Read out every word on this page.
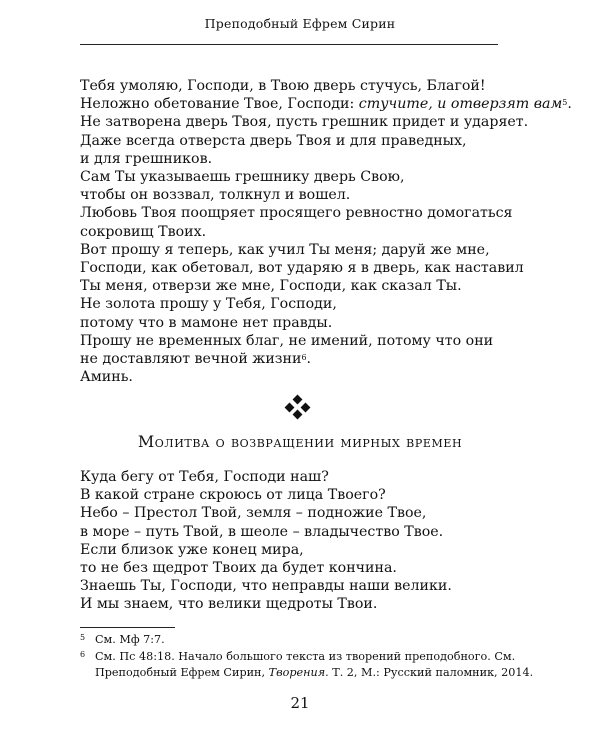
Преподобный Ефрем Сирин
Тебя умоляю, Господи, в Твою дверь стучусь, Благой!
Неложно обетование Твое, Господи: стучите, и отверзят вам$^5$.
Не затворена дверь Твоя, пусть грешник придет и ударяет.
Даже всегда отверста дверь Твоя и для праведных,
и для грешников.
Сам Ты указываешь грешнику дверь Свою,
чтобы он воззвал, толкнул и вошел.
Любовь Твоя поощряет просящего ревностно домогаться
сокровищ Твоих.
Вот прошу я теперь, как учил Ты меня; даруй же мне,
Господи, как обетовал, вот ударяю я в дверь, как наставил
Ты меня, отверзи же мне, Господи, как сказал Ты.
Не золота прошу у Тебя, Господи,
потому что в мамоне нет правды.
Прошу не временных благ, не имений, потому что они
не доставляют вечной жизни$^6$.
Аминь.
Молитва о возвращении мирных времен
Куда бегу от Тебя, Господи наш?
В какой стране скроюсь от лица Твоего?
Небо – Престол Твой, земля – подножие Твое,
в море – путь Твой, в шеоле – владычество Твое.
Если близок уже конец мира,
то не без щедрот Твоих да будет кончина.
Знаешь Ты, Господи, что неправды наши велики.
И мы знаем, что велики щедроты Твои.
5 См. Мф 7:7.
6 См. Пс 48:18. Начало большого текста из творений преподобного. См.
Преподобный Ефрем Сирин, Творения. Т. 2, М.: Русский паломник, 2014.
21
